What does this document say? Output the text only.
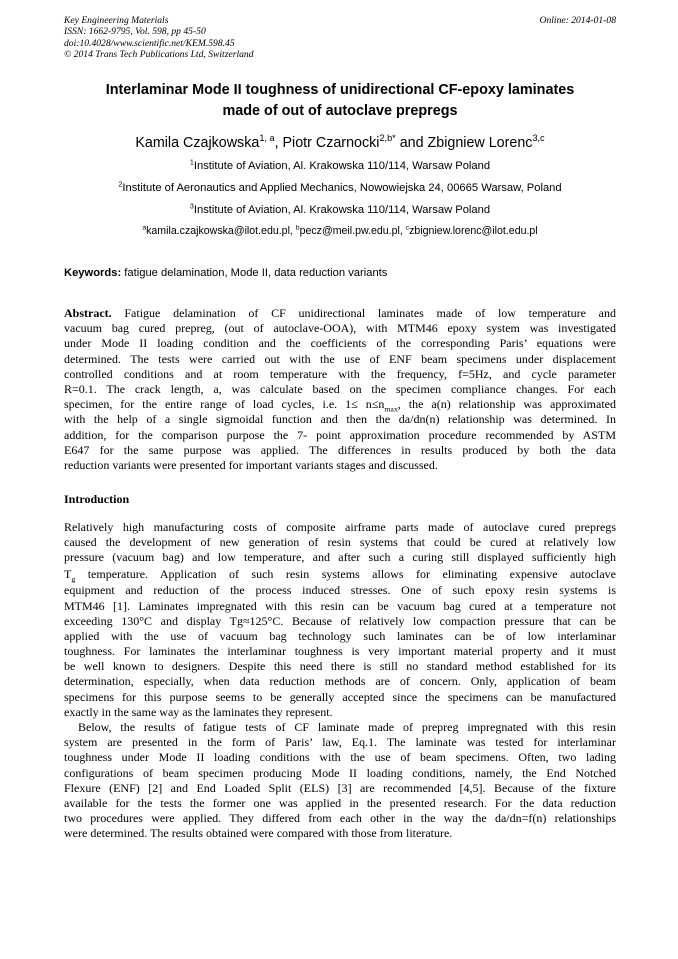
Key Engineering Materials
ISSN: 1662-9795, Vol. 598, pp 45-50
doi:10.4028/www.scientific.net/KEM.598.45
© 2014 Trans Tech Publications Ltd, Switzerland
Online: 2014-01-08
Interlaminar Mode II toughness of unidirectional CF-epoxy laminates
made of out of autoclave prepregs
Kamila Czajkowska$^{1, a}$, Piotr Czarnocki$^{2,b*}$ and Zbigniew Lorenc$^{3,c}$
$^1$Institute of Aviation, Al. Krakowska 110/114, Warsaw Poland
$^2$Institute of Aeronautics and Applied Mechanics, Nowowiejska 24, 00665 Warsaw, Poland
$^3$Institute of Aviation, Al. Krakowska 110/114, Warsaw Poland
$^a$kamila.czajkowska@ilot.edu.pl, $^b$pecz@meil.pw.edu.pl, $^c$zbigniew.lorenc@ilot.edu.pl
Keywords: fatigue delamination, Mode II, data reduction variants
Abstract. Fatigue delamination of CF unidirectional laminates made of low temperature and
vacuum bag cured prepreg, (out of autoclave-OOA), with MTM46 epoxy system was investigated
under Mode II loading condition and the coefficients of the corresponding Paris’ equations were
determined. The tests were carried out with the use of ENF beam specimens under displacement
controlled conditions and at room temperature with the frequency, f=5Hz, and cycle parameter
R=0.1. The crack length, a, was calculate based on the specimen compliance changes. For each
specimen, for the entire range of load cycles, i.e. $1\le n\le n_{max}$, the a(n) relationship was approximated
with the help of a single sigmoidal function and then the da/dn(n) relationship was determined. In
addition, for the comparison purpose the 7- point approximation procedure recommended by ASTM
E647 for the same purpose was applied. The differences in results produced by both the data
reduction variants were presented for important variants stages and discussed.
Introduction
Relatively high manufacturing costs of composite airframe parts made of autoclave cured prepregs
caused the development of new generation of resin systems that could be cured at relatively low
pressure (vacuum bag) and low temperature, and after such a curing still displayed sufficiently high
$T_g$ temperature. Application of such resin systems allows for eliminating expensive autoclave
equipment and reduction of the process induced stresses. One of such epoxy resin systems is
MTM46 [1]. Laminates impregnated with this resin can be vacuum bag cured at a temperature not
exceeding 130°C and display Tg≈125°C. Because of relatively low compaction pressure that can be
applied with the use of vacuum bag technology such laminates can be of low interlaminar
toughness. For laminates the interlaminar toughness is very important material property and it must
be well known to designers. Despite this need there is still no standard method established for its
determination, especially, when data reduction methods are of concern. Only, application of beam
specimens for this purpose seems to be generally accepted since the specimens can be manufactured
exactly in the same way as the laminates they represent.
Below, the results of fatigue tests of CF laminate made of prepreg impregnated with this resin
system are presented in the form of Paris’ law, Eq.1. The laminate was tested for interlaminar
toughness under Mode II loading conditions with the use of beam specimens. Often, two lading
configurations of beam specimen producing Mode II loading conditions, namely, the End Notched
Flexure (ENF) [2] and End Loaded Split (ELS) [3] are recommended [4,5]. Because of the fixture
available for the tests the former one was applied in the presented research. For the data reduction
two procedures were applied. They differed from each other in the way the da/dn=f(n) relationships
were determined. The results obtained were compared with those from literature.
